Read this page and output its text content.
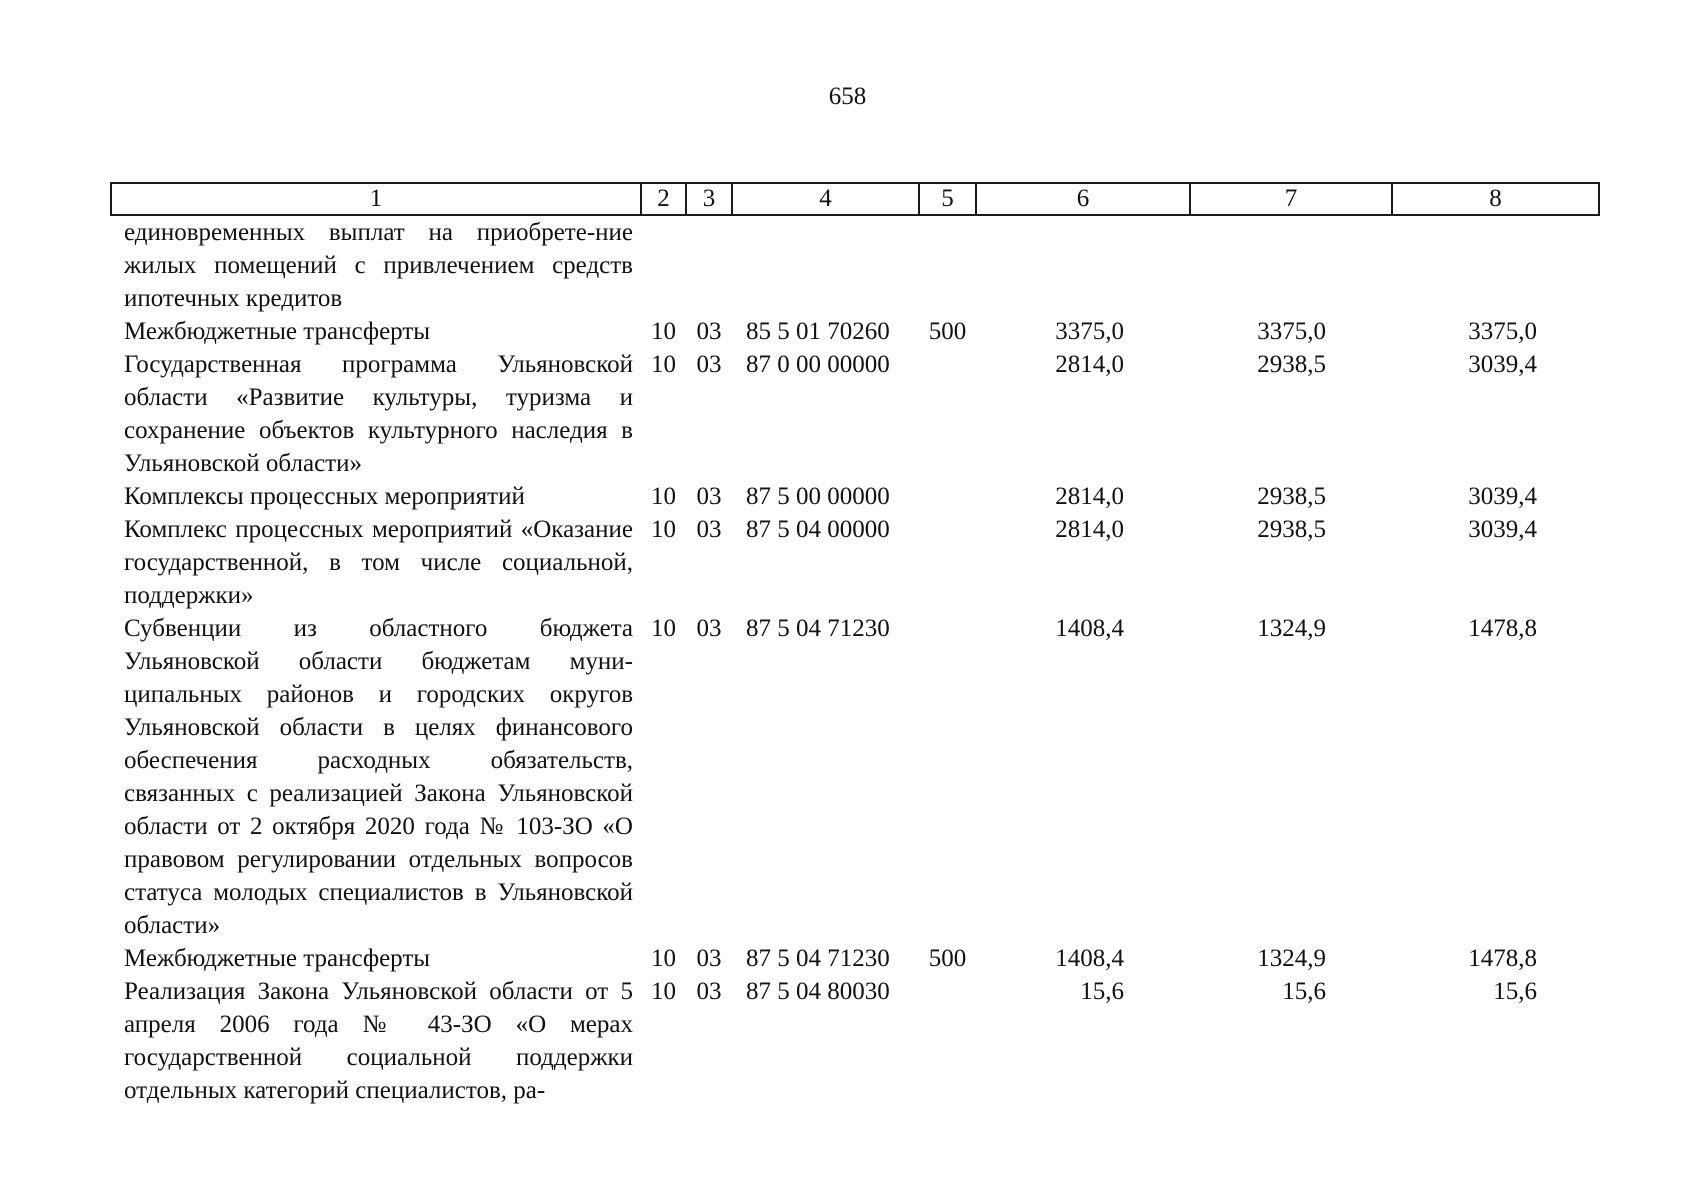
658
1	2	3	4	5	6	7	8
единовременных выплат на приобрете-ние жилых помещений с привлечением средств ипотечных кредитов							
Межбюджетные трансферты	10	03	85 5 01 70260	500	3375,0	3375,0	3375,0
Государственная программа Ульяновской области «Развитие культуры, туризма и сохранение объектов культурного наследия в Ульяновской области»	10	03	87 0 00 00000		2814,0	2938,5	3039,4
Комплексы процессных мероприятий	10	03	87 5 00 00000		2814,0	2938,5	3039,4
Комплекс процессных мероприятий «Оказание государственной, в том числе социальной, поддержки»	10	03	87 5 04 00000		2814,0	2938,5	3039,4
Субвенции из областного бюджета Ульяновской области бюджетам муниципальных районов и городских округов Ульяновской области в целях финансового обеспечения расходных обязательств, связанных с реализацией Закона Ульяновской области от 2 октября 2020 года № 103-ЗО «О правовом регулировании отдельных вопросов статуса молодых специалистов в Ульяновской области»	10	03	87 5 04 71230		1408,4	1324,9	1478,8
Межбюджетные трансферты	10	03	87 5 04 71230	500	1408,4	1324,9	1478,8
Реализация Закона Ульяновской области от 5 апреля 2006 года № 43-ЗО «О мерах государственной социальной поддержки отдельных категорий специалистов, ра-	10	03	87 5 04 80030		15,6	15,6	15,6
